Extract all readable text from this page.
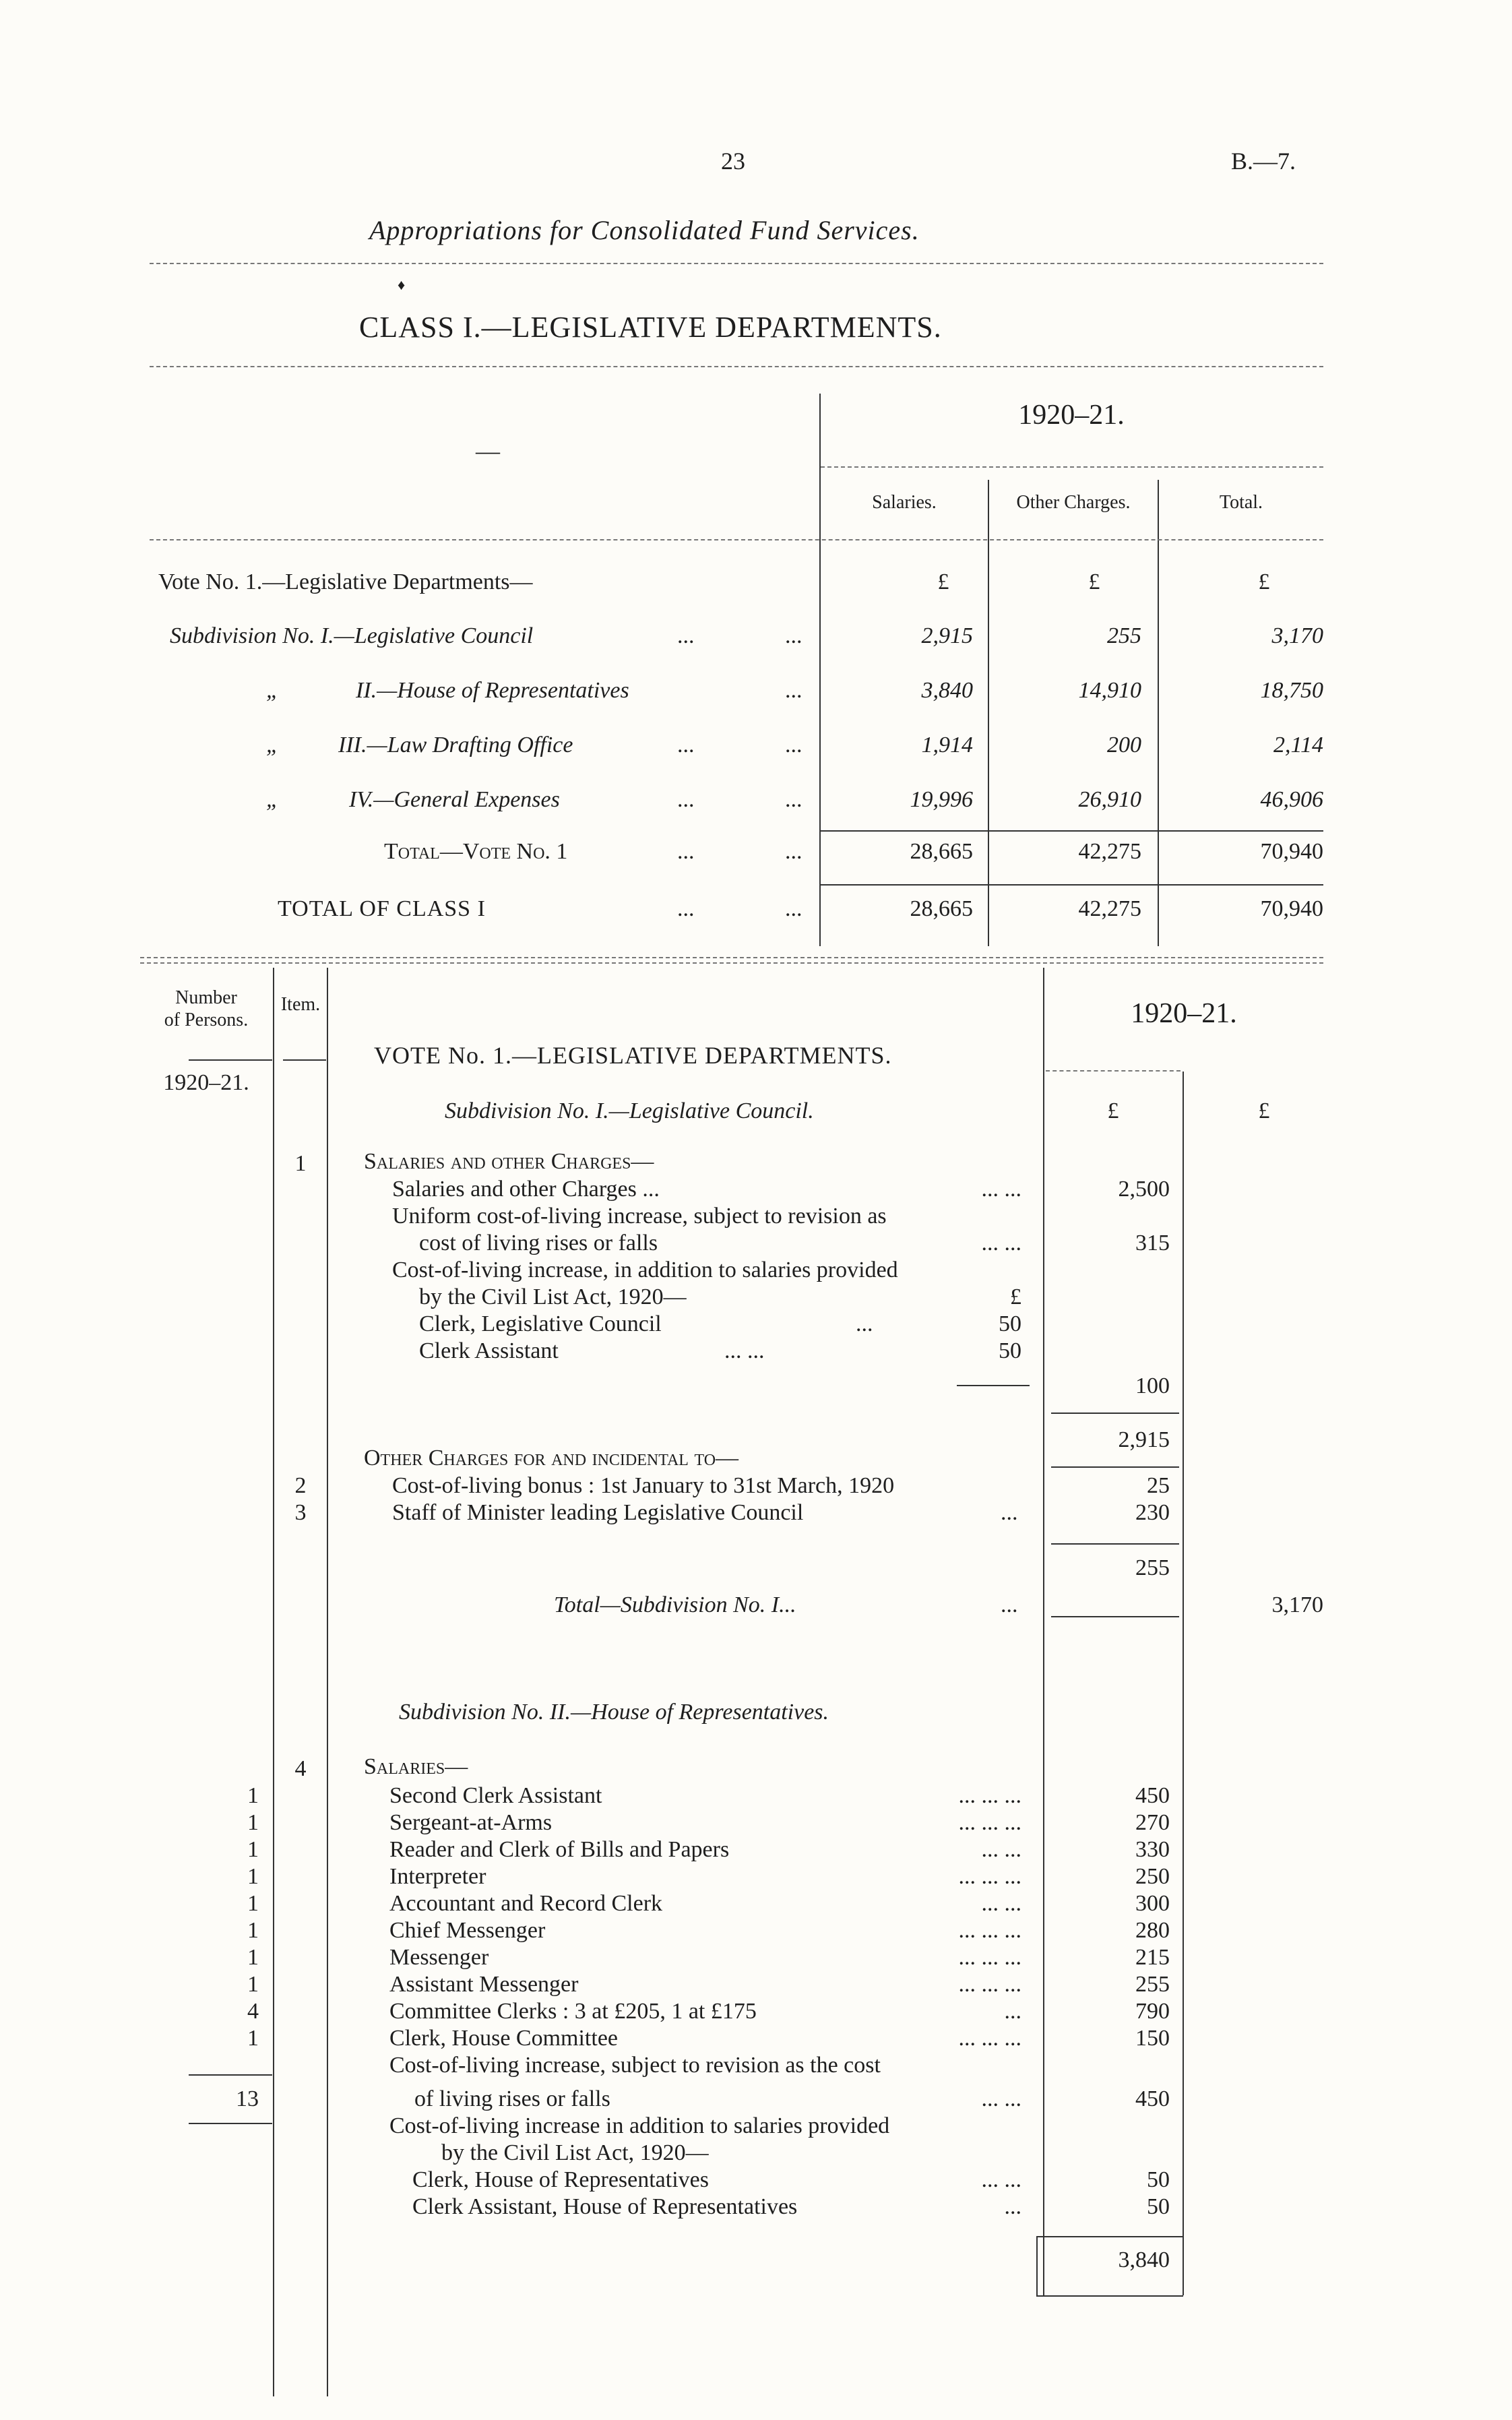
23	B.—7.
Appropriations for Consolidated Fund Services.
♦
CLASS I.—LEGISLATIVE DEPARTMENTS.
—
1920–21.
Salaries.	Other Charges.	Total.
Vote No. 1.—Legislative Departments—	£	£	£
Subdivision No. I.—Legislative Council	...	...	2,915	255	3,170
„	II.—House of Representatives	...	3,840	14,910	18,750
„	III.—Law Drafting Office	...	...	1,914	200	2,114
„	IV.—General Expenses	...	...	19,996	26,910	46,906
Total—Vote No. 1	...	...	28,665	42,275	70,940
TOTAL OF CLASS I	...	...	28,665	42,275	70,940
Number
of Persons.
Item.	1920–21.
1920–21.
VOTE No. 1.—LEGISLATIVE DEPARTMENTS.
Subdivision No. I.—Legislative Council.	£	£
1	Salaries and other Charges—
Salaries and other Charges ...	... ...	2,500
Uniform cost-of-living increase, subject to revision as
cost of living rises or falls	... ...	315
Cost-of-living increase, in addition to salaries provided
by the Civil List Act, 1920—	£
Clerk, Legislative Council	...	50
Clerk Assistant	... ...	50
100
2,915
Other Charges for and incidental to—
2	Cost-of-living bonus : 1st January to 31st March, 1920	25
3	Staff of Minister leading Legislative Council	...	230
255
Total—Subdivision No. I...	...	3,170
Subdivision No. II.—House of Representatives.
4	Salaries—
1	Second Clerk Assistant	... ... ...	450
1	Sergeant-at-Arms	... ... ...	270
1	Reader and Clerk of Bills and Papers	... ...	330
1	Interpreter	... ... ...	250
1	Accountant and Record Clerk	... ...	300
1	Chief Messenger	... ... ...	280
1	Messenger	... ... ...	215
1	Assistant Messenger	... ... ...	255
4	Committee Clerks : 3 at £205, 1 at £175	...	790
1	Clerk, House Committee	... ... ...	150
Cost-of-living increase, subject to revision as the cost
13	of living rises or falls	... ...	450
Cost-of-living increase in addition to salaries provided
by the Civil List Act, 1920—
Clerk, House of Representatives	... ...	50
Clerk Assistant, House of Representatives	...	50
3,840
